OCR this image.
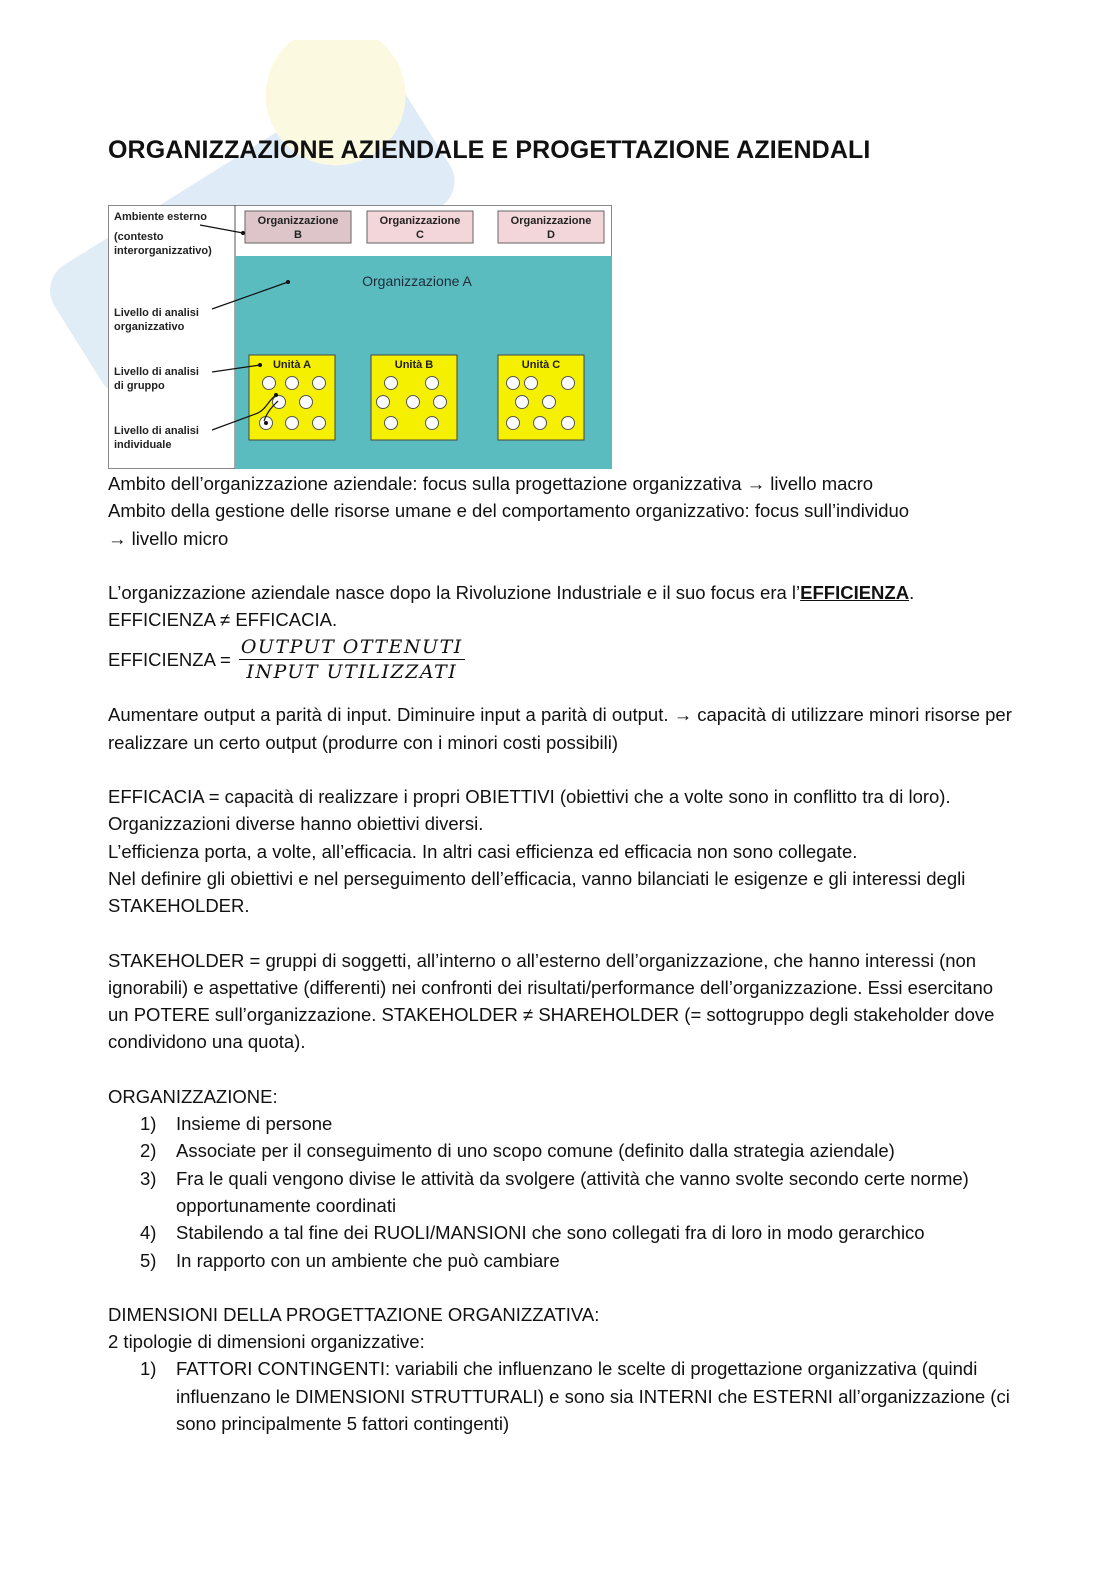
ORGANIZZAZIONE AZIENDALE E PROGETTAZIONE AZIENDALI
Organizzazione
B
Organizzazione
C
Organizzazione
D
Organizzazione A
Unità A	Unità B	Unità C
Ambiente esterno
(contesto
interorganizzativo)
Livello di analisi
organizzativo
Livello di analisi
di gruppo
Livello di analisi
individuale

Ambito dell’organizzazione aziendale: focus sulla progettazione organizzativa → livello macro

Ambito della gestione delle risorse umane e del comportamento organizzativo: focus sull’individuo
→ livello micro

L’organizzazione aziendale nasce dopo la Rivoluzione Industriale e il suo focus era l’EFFICIENZA.

EFFICIENZA ≠ EFFICACIA.

EFFICIENZA = $\frac{\text{OUTPUT OTTENUTI}}{\text{INPUT UTILIZZATI}}$

Aumentare output a parità di input. Diminuire input a parità di output. → capacità di utilizzare minori risorse per realizzare un certo output (produrre con i minori costi possibili)

EFFICACIA = capacità di realizzare i propri OBIETTIVI (obiettivi che a volte sono in conflitto tra di loro). Organizzazioni diverse hanno obiettivi diversi.

L’efficienza porta, a volte, all’efficacia. In altri casi efficienza ed efficacia non sono collegate.

Nel definire gli obiettivi e nel perseguimento dell’efficacia, vanno bilanciati le esigenze e gli interessi degli STAKEHOLDER.

STAKEHOLDER = gruppi di soggetti, all’interno o all’esterno dell’organizzazione, che hanno interessi (non ignorabili) e aspettative (differenti) nei confronti dei risultati/performance dell’organizzazione. Essi esercitano un POTERE sull’organizzazione. STAKEHOLDER ≠ SHAREHOLDER (= sottogruppo degli stakeholder dove condividono una quota).

ORGANIZZAZIONE:

1)	Insieme di persone
2)	Associate per il conseguimento di uno scopo comune (definito dalla strategia aziendale)
3)	Fra le quali vengono divise le attività da svolgere (attività che vanno svolte secondo certe norme) opportunamente coordinati
4)	Stabilendo a tal fine dei RUOLI/MANSIONI che sono collegati fra di loro in modo gerarchico
5)	In rapporto con un ambiente che può cambiare

DIMENSIONI DELLA PROGETTAZIONE ORGANIZZATIVA:

2 tipologie di dimensioni organizzative:

1)	FATTORI CONTINGENTI: variabili che influenzano le scelte di progettazione organizzativa (quindi influenzano le DIMENSIONI STRUTTURALI) e sono sia INTERNI che ESTERNI all’organizzazione (ci sono principalmente 5 fattori contingenti)
